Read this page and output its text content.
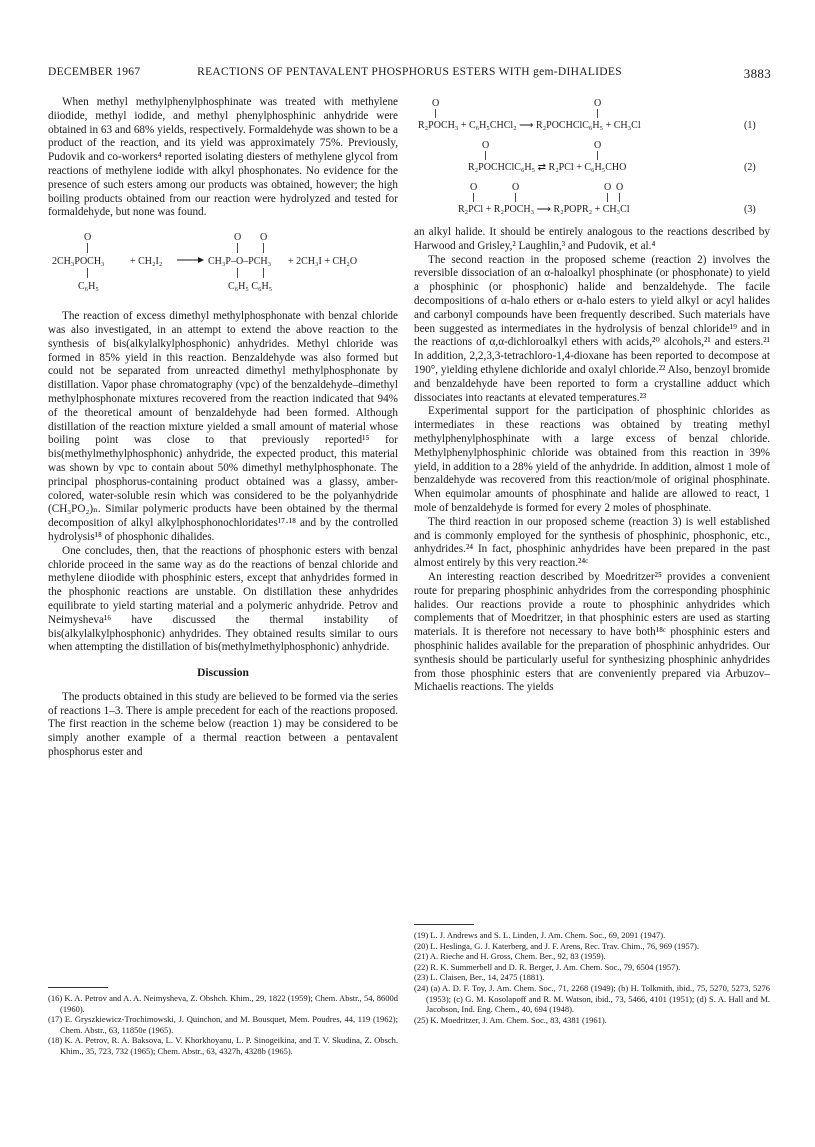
DECEMBER 1967	REACTIONS OF PENTAVALENT PHOSPHORUS ESTERS WITH gem-DIHALIDES	3883

When methyl methylphenylphosphinate was treated with methylene diiodide, methyl iodide, and methyl phenylphosphinic anhydride were obtained in 63 and 68% yields, respectively. Formaldehyde was shown to be a product of the reaction, and its yield was approximately 75%. Previously, Pudovik and co-workers⁴ reported isolating diesters of methylene glycol from reactions of methylene iodide with alkyl phosphonates. No evidence for the presence of such esters among our products was obtained, however; the high boiling products obtained from our reaction were hydrolyzed and tested for formaldehyde, but none was found.

O
2CH₃POCH₃
C₆H₅
+ CH₂I₂
O O
CH₃P–O–PCH₃
C₆H₅ C₆H₅
+ 2CH₃I + CH₂O

The reaction of excess dimethyl methylphosphonate with benzal chloride was also investigated, in an attempt to extend the above reaction to the synthesis of bis(alkylalkylphosphonic) anhydrides. Methyl chloride was formed in 85% yield in this reaction. Benzaldehyde was also formed but could not be separated from unreacted dimethyl methylphosphonate by distillation. Vapor phase chromatography (vpc) of the benzaldehyde–dimethyl methylphosphonate mixtures recovered from the reaction indicated that 94% of the theoretical amount of benzaldehyde had been formed. Although distillation of the reaction mixture yielded a small amount of material whose boiling point was close to that previously reported¹⁵ for bis(methylmethylphosphonic) anhydride, the expected product, this material was shown by vpc to contain about 50% dimethyl methylphosphonate. The principal phosphorus-containing product obtained was a glassy, amber-colored, water-soluble resin which was considered to be the polyanhydride (CH₃PO₂)ₙ. Similar polymeric products have been obtained by the thermal decomposition of alkyl alkylphosphonochloridates¹⁷·¹⁸ and by the controlled hydrolysis¹⁸ of phosphonic dihalides.

One concludes, then, that the reactions of phosphonic esters with benzal chloride proceed in the same way as do the reactions of benzal chloride and methylene diiodide with phosphinic esters, except that anhydrides formed in the phosphonic reactions are unstable. On distillation these anhydrides equilibrate to yield starting material and a polymeric anhydride. Petrov and Neimysheva¹⁶ have discussed the thermal instability of bis(alkylalkylphosphonic) anhydrides. They obtained results similar to ours when attempting the distillation of bis(methylmethylphosphonic) anhydride.

Discussion

The products obtained in this study are believed to be formed via the series of reactions 1–3. There is ample precedent for each of the reactions proposed. The first reaction in the scheme below (reaction 1) may be considered to be simply another example of a thermal reaction between a pentavalent phosphorus ester and

(16) K. A. Petrov and A. A. Neimysheva, Z. Obshch. Khim., 29, 1822 (1959); Chem. Abstr., 54, 8600d (1960).

(17) E. Gryszkiewicz-Trochimowski, J. Quinchon, and M. Bousquet, Mem. Poudres, 44, 119 (1962); Chem. Abstr., 63, 11850e (1965).

(18) K. A. Petrov, R. A. Baksova, L. V. Khorkhoyanu, L. P. Sinogeikina, and T. V. Skudina, Z. Obsch. Khim., 35, 723, 732 (1965); Chem. Abstr., 63, 4327h, 4328b (1965).

O	O
R₂POCH₃ + C₆H₅CHCl₂ ⟶ R₂POCHClC₆H₅ + CH₃Cl	(1)
O	O
R₂POCHClC₆H₅ ⇄ R₂PCl + C₆H₅CHO	(2)
O	O	O O
R₂PCl + R₂POCH₃ ⟶ R₂POPR₂ + CH₃Cl	(3)

an alkyl halide. It should be entirely analogous to the reactions described by Harwood and Grisley,² Laughlin,³ and Pudovik, et al.⁴

The second reaction in the proposed scheme (reaction 2) involves the reversible dissociation of an α-haloalkyl phosphinate (or phosphonate) to yield a phosphinic (or phosphonic) halide and benzaldehyde. The facile decompositions of α-halo ethers or α-halo esters to yield alkyl or acyl halides and carbonyl compounds have been frequently described. Such materials have been suggested as intermediates in the hydrolysis of benzal chloride¹⁹ and in the reactions of α,α-dichloroalkyl ethers with acids,²⁰ alcohols,²¹ and esters.²¹ In addition, 2,2,3,3-tetrachloro-1,4-dioxane has been reported to decompose at 190°, yielding ethylene dichloride and oxalyl chloride.²² Also, benzoyl bromide and benzaldehyde have been reported to form a crystalline adduct which dissociates into reactants at elevated temperatures.²³

Experimental support for the participation of phosphinic chlorides as intermediates in these reactions was obtained by treating methyl methylphenylphosphinate with a large excess of benzal chloride. Methylphenylphosphinic chloride was obtained from this reaction in 39% yield, in addition to a 28% yield of the anhydride. In addition, almost 1 mole of benzaldehyde was recovered from this reaction/mole of original phosphinate. When equimolar amounts of phosphinate and halide are allowed to react, 1 mole of benzaldehyde is formed for every 2 moles of phosphinate.

The third reaction in our proposed scheme (reaction 3) is well established and is commonly employed for the synthesis of phosphinic, phosphonic, etc., anhydrides.²⁴ In fact, phosphinic anhydrides have been prepared in the past almost entirely by this very reaction.²⁴ᶜ

An interesting reaction described by Moedritzer²⁵ provides a convenient route for preparing phosphinic anhydrides from the corresponding phosphinic halides. Our reactions provide a route to phosphinic anhydrides which complements that of Moedritzer, in that phosphinic esters are used as starting materials. It is therefore not necessary to have both¹⁸ᶜ phosphinic esters and phosphinic halides available for the preparation of phosphinic anhydrides. Our synthesis should be particularly useful for synthesizing phosphinic anhydrides from those phosphinic esters that are conveniently prepared via Arbuzov–Michaelis reactions. The yields

(19) L. J. Andrews and S. L. Linden, J. Am. Chem. Soc., 69, 2091 (1947).

(20) L. Heslinga, G. J. Katerberg, and J. F. Arens, Rec. Trav. Chim., 76, 969 (1957).

(21) A. Rieche and H. Gross, Chem. Ber., 92, 83 (1959).

(22) R. K. Summerbell and D. R. Berger, J. Am. Chem. Soc., 79, 6504 (1957).

(23) L. Claisen, Ber., 14, 2475 (1881).

(24) (a) A. D. F. Toy, J. Am. Chem. Soc., 71, 2268 (1949); (b) H. Tolkmith, ibid., 75, 5270, 5273, 5276 (1953); (c) G. M. Kosolapoff and R. M. Watson, ibid., 73, 5466, 4101 (1951); (d) S. A. Hall and M. Jacobson, Ind. Eng. Chem., 40, 694 (1948).

(25) K. Moedritzer, J. Am. Chem. Soc., 83, 4381 (1961).
